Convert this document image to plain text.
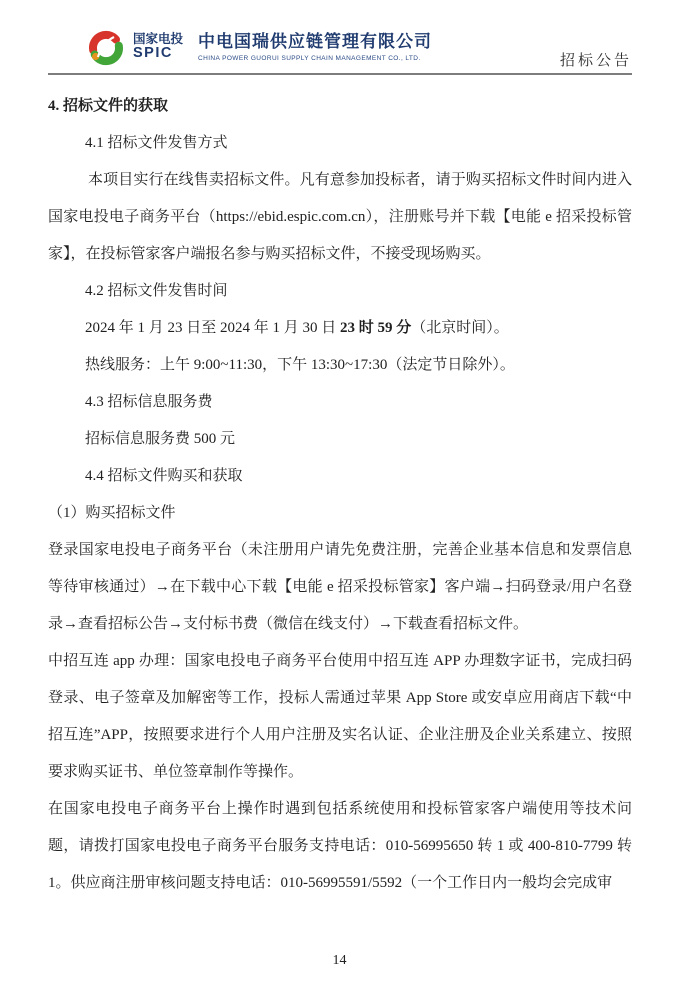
国家电投
SPIC
中电国瑞供应链管理有限公司
CHINA POWER GUORUI SUPPLY CHAIN MANAGEMENT CO., LTD.	招标公告

4. 招标文件的获取

4.1 招标文件发售方式

本项目实行在线售卖招标文件。凡有意参加投标者，请于购买招标文件时间内进入国家电投电子商务平台（https://ebid.espic.com.cn），注册账号并下载【电能 e 招采投标管家】，在投标管家客户端报名参与购买招标文件，不接受现场购买。

4.2 招标文件发售时间

2024 年 1 月 23 日至 2024 年 1 月 30 日 23 时 59 分（北京时间）。

热线服务：上午 9:00~11:30，下午 13:30~17:30（法定节日除外）。

4.3 招标信息服务费

招标信息服务费 500 元

4.4 招标文件购买和获取

（1）购买招标文件

登录国家电投电子商务平台（未注册用户请先免费注册，完善企业基本信息和发票信息等待审核通过）→在下载中心下载【电能 e 招采投标管家】客户端→扫码登录/用户名登录→查看招标公告→支付标书费（微信在线支付）→下载查看招标文件。

中招互连 app 办理：国家电投电子商务平台使用中招互连 APP 办理数字证书，完成扫码登录、电子签章及加解密等工作，投标人需通过苹果 App Store 或安卓应用商店下载“中招互连”APP，按照要求进行个人用户注册及实名认证、企业注册及企业关系建立、按照要求购买证书、单位签章制作等操作。

在国家电投电子商务平台上操作时遇到包括系统使用和投标管家客户端使用等技术问题，请拨打国家电投电子商务平台服务支持电话：010-56995650 转 1 或 400-810-7799 转 1。供应商注册审核问题支持电话：010-56995591/5592（一个工作日内一般均会完成审

14
